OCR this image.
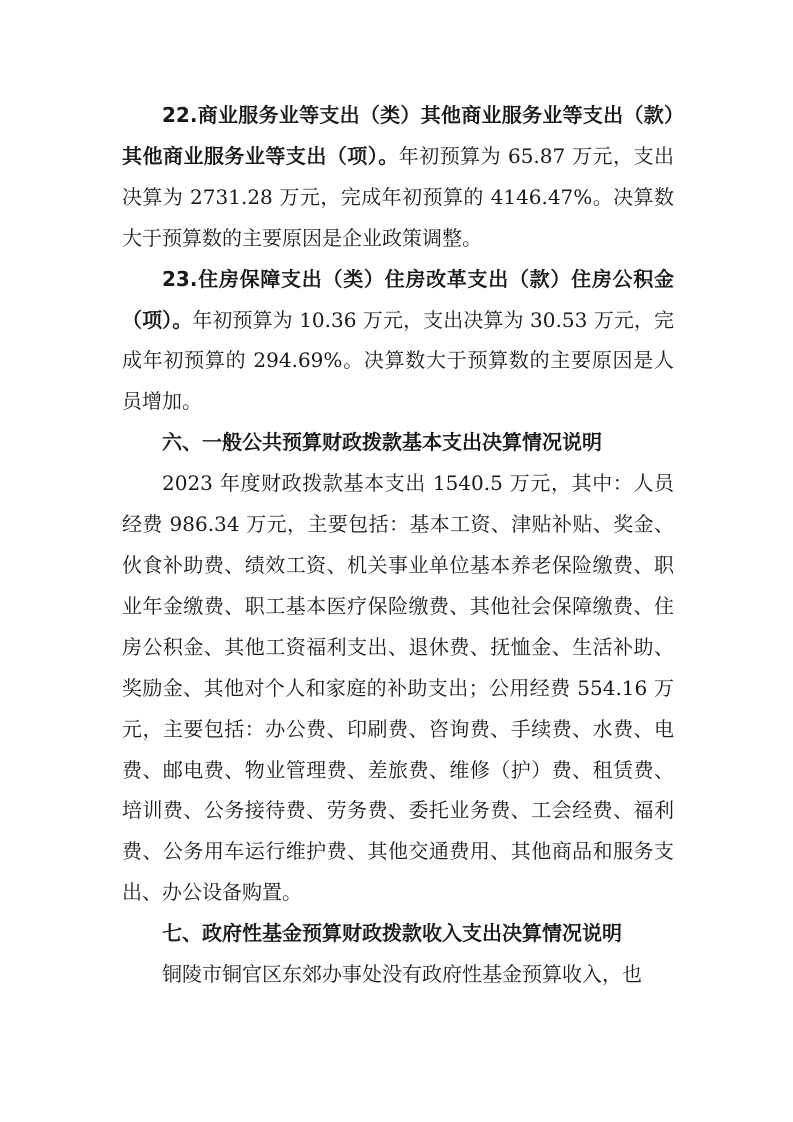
22.商业服务业等支出（类）其他商业服务业等支出（款）其他商业服务业等支出（项）。年初预算为 65.87 万元，支出决算为 2731.28 万元，完成年初预算的 4146.47%。决算数大于预算数的主要原因是企业政策调整。

23.住房保障支出（类）住房改革支出（款）住房公积金（项）。年初预算为 10.36 万元，支出决算为 30.53 万元，完成年初预算的 294.69%。决算数大于预算数的主要原因是人员增加。

六、一般公共预算财政拨款基本支出决算情况说明

2023 年度财政拨款基本支出 1540.5 万元，其中：人员经费 986.34 万元，主要包括：基本工资、津贴补贴、奖金、伙食补助费、绩效工资、机关事业单位基本养老保险缴费、职业年金缴费、职工基本医疗保险缴费、其他社会保障缴费、住房公积金、其他工资福利支出、退休费、抚恤金、生活补助、奖励金、其他对个人和家庭的补助支出；公用经费 554.16 万元，主要包括：办公费、印刷费、咨询费、手续费、水费、电费、邮电费、物业管理费、差旅费、维修（护）费、租赁费、培训费、公务接待费、劳务费、委托业务费、工会经费、福利费、公务用车运行维护费、其他交通费用、其他商品和服务支出、办公设备购置。

七、政府性基金预算财政拨款收入支出决算情况说明

铜陵市铜官区东郊办事处没有政府性基金预算收入，也
